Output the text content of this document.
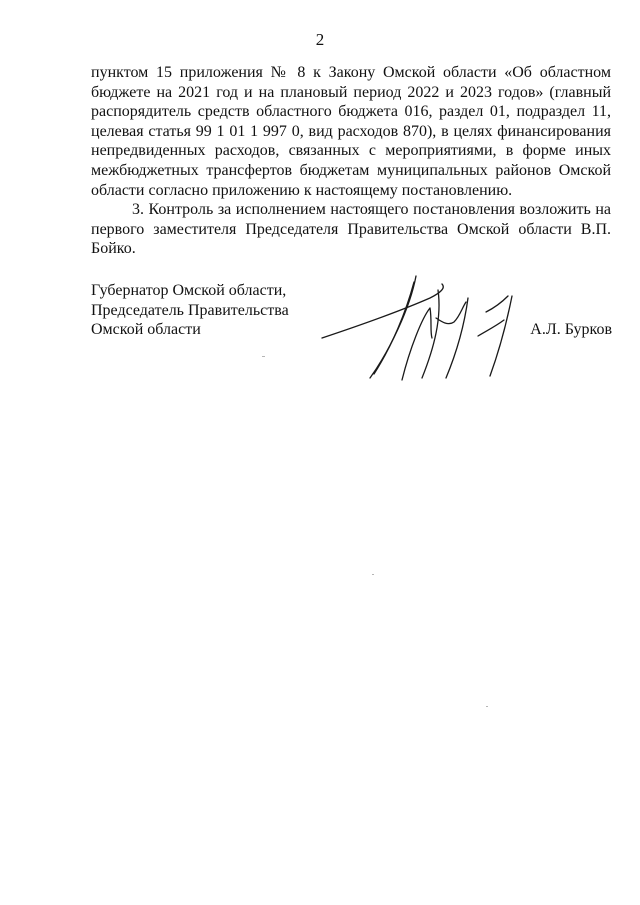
2

пунктом 15 приложения № 8 к Закону Омской области «Об областном бюджете на 2021 год и на плановый период 2022 и 2023 годов» (главный распорядитель средств областного бюджета 016, раздел 01, подраздел 11, целевая статья 99 1 01 1 997 0, вид расходов 870), в целях финансирования непредвиденных расходов, связанных с мероприятиями, в форме иных межбюджетных трансфертов бюджетам муниципальных районов Омской области согласно приложению к настоящему постановлению.

3. Контроль за исполнением настоящего постановления возложить на первого заместителя Председателя Правительства Омской области В.П. Бойко.

Губернатор Омской области,
Председатель Правительства
Омской области	А.Л. Бурков
